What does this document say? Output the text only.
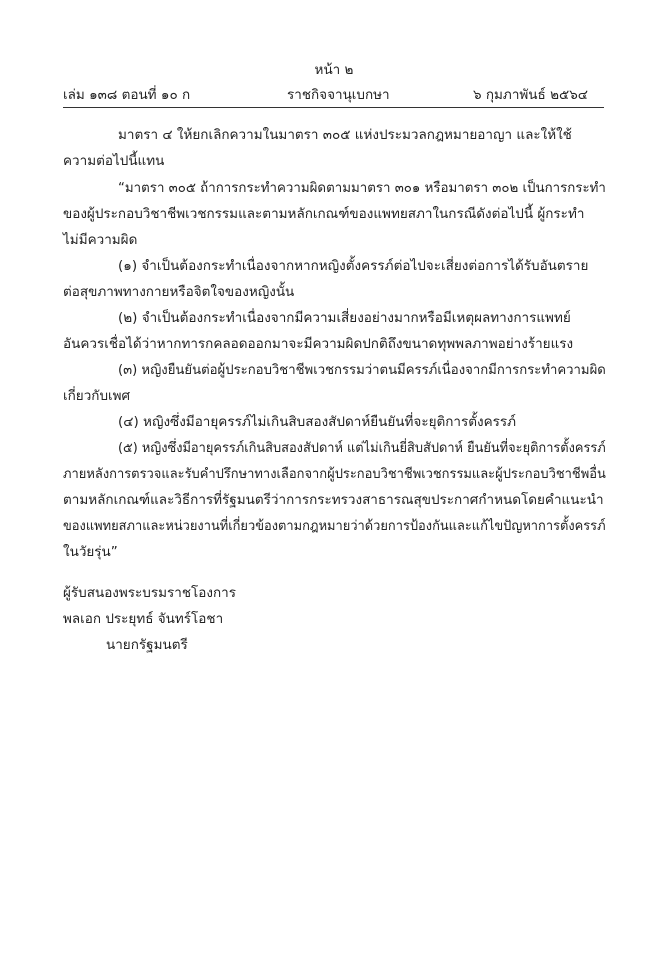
หน้า ๒
เล่ม ๑๓๘ ตอนที่ ๑๐ ก	ราชกิจจานุเบกษา	๖ กุมภาพันธ์ ๒๕๖๔
มาตรา ๔ ให้ยกเลิกความในมาตรา ๓๐๕ แห่งประมวลกฎหมายอาญา และให้ใช้
ความต่อไปนี้แทน
“มาตรา ๓๐๕ ถ้าการกระทำความผิดตามมาตรา ๓๐๑ หรือมาตรา ๓๐๒ เป็นการกระทำ
ของผู้ประกอบวิชาชีพเวชกรรมและตามหลักเกณฑ์ของแพทยสภาในกรณีดังต่อไปนี้ ผู้กระทำ
ไม่มีความผิด
(๑) จำเป็นต้องกระทำเนื่องจากหากหญิงตั้งครรภ์ต่อไปจะเสี่ยงต่อการได้รับอันตราย
ต่อสุขภาพทางกายหรือจิตใจของหญิงนั้น
(๒) จำเป็นต้องกระทำเนื่องจากมีความเสี่ยงอย่างมากหรือมีเหตุผลทางการแพทย์
อันควรเชื่อได้ว่าหากทารกคลอดออกมาจะมีความผิดปกติถึงขนาดทุพพลภาพอย่างร้ายแรง
(๓) หญิงยืนยันต่อผู้ประกอบวิชาชีพเวชกรรมว่าตนมีครรภ์เนื่องจากมีการกระทำความผิด
เกี่ยวกับเพศ
(๔) หญิงซึ่งมีอายุครรภ์ไม่เกินสิบสองสัปดาห์ยืนยันที่จะยุติการตั้งครรภ์
(๕) หญิงซึ่งมีอายุครรภ์เกินสิบสองสัปดาห์ แต่ไม่เกินยี่สิบสัปดาห์ ยืนยันที่จะยุติการตั้งครรภ์
ภายหลังการตรวจและรับคำปรึกษาทางเลือกจากผู้ประกอบวิชาชีพเวชกรรมและผู้ประกอบวิชาชีพอื่น
ตามหลักเกณฑ์และวิธีการที่รัฐมนตรีว่าการกระทรวงสาธารณสุขประกาศกำหนดโดยคำแนะนำ
ของแพทยสภาและหน่วยงานที่เกี่ยวข้องตามกฎหมายว่าด้วยการป้องกันและแก้ไขปัญหาการตั้งครรภ์
ในวัยรุ่น”
ผู้รับสนองพระบรมราชโองการ
พลเอก ประยุทธ์ จันทร์โอชา
นายกรัฐมนตรี
